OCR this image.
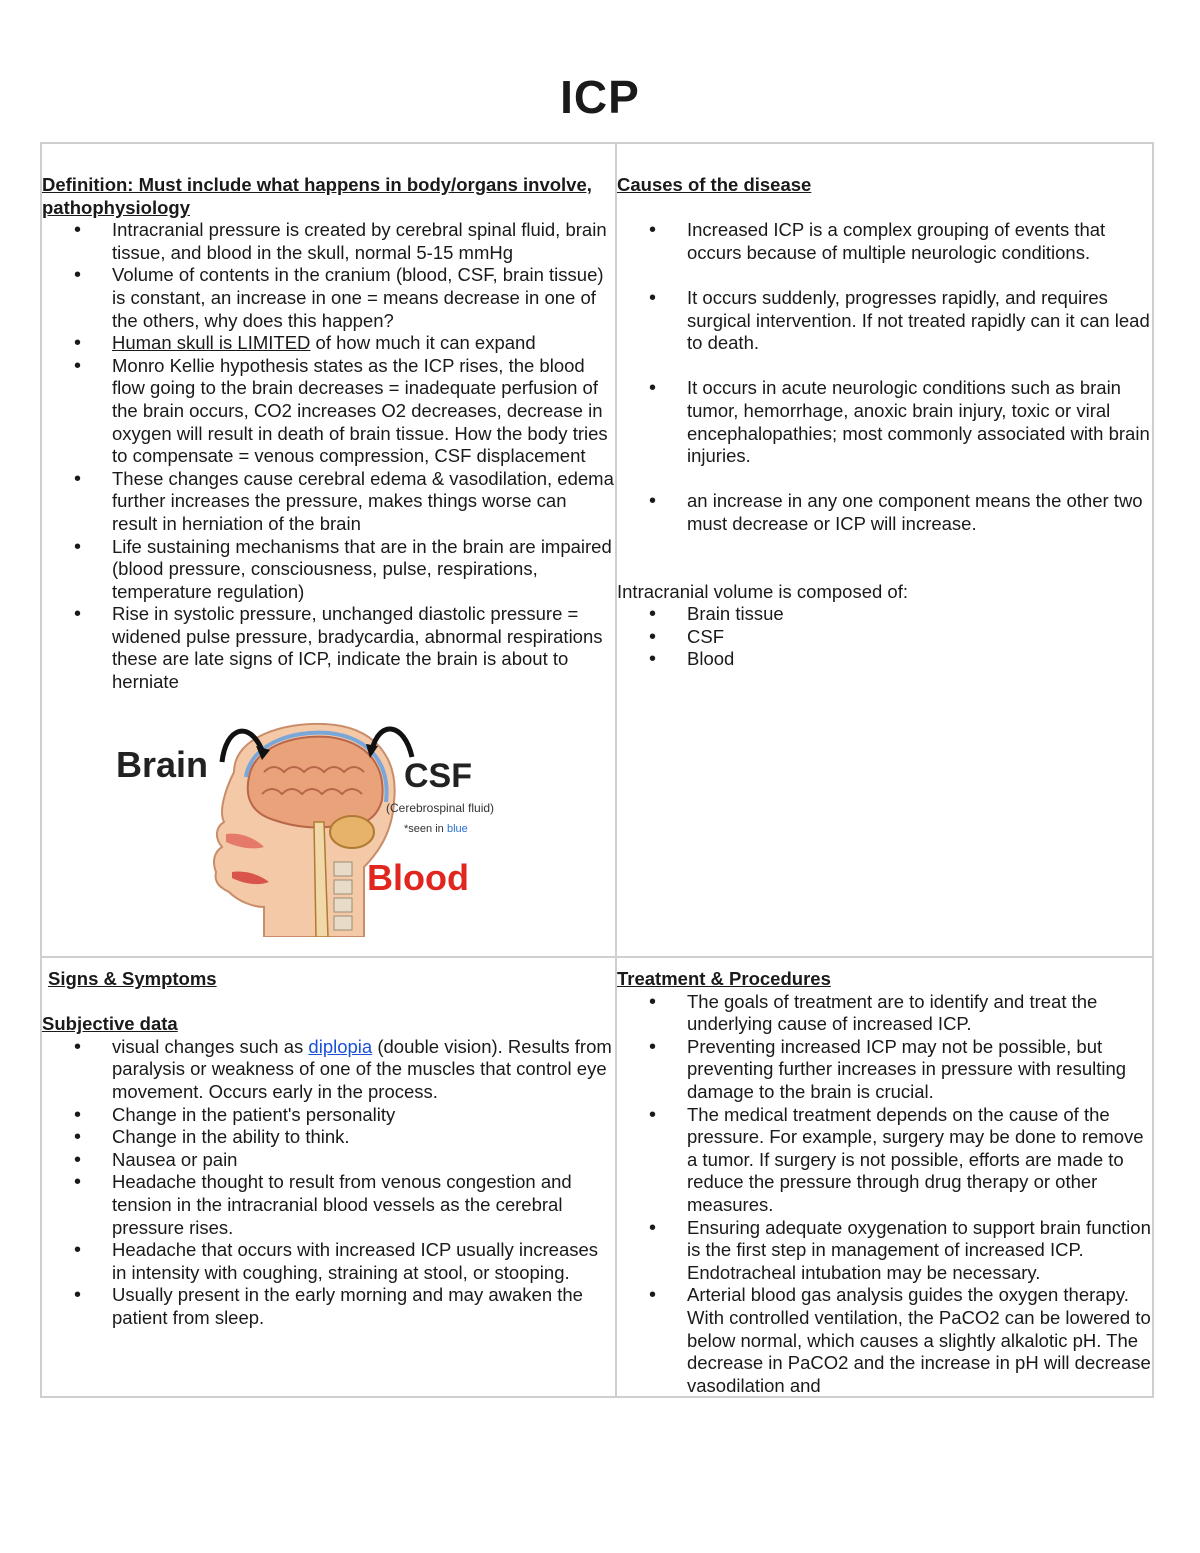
ICP
Definition: Must include what happens in body/organs involve, pathophysiology
• Intracranial pressure is created by cerebral spinal fluid, brain tissue, and blood in the skull, normal 5-15 mmHg
• Volume of contents in the cranium (blood, CSF, brain tissue) is constant, an increase in one = means decrease in one of the others, why does this happen?
• Human skull is LIMITED of how much it can expand
• Monro Kellie hypothesis states as the ICP rises, the blood flow going to the brain decreases = inadequate perfusion of the brain occurs, CO2 increases O2 decreases, decrease in oxygen will result in death of brain tissue. How the body tries to compensate = venous compression, CSF displacement
• These changes cause cerebral edema & vasodilation, edema further increases the pressure, makes things worse can result in herniation of the brain
• Life sustaining mechanisms that are in the brain are impaired (blood pressure, consciousness, pulse, respirations, temperature regulation)
• Rise in systolic pressure, unchanged diastolic pressure = widened pulse pressure, bradycardia, abnormal respirations these are late signs of ICP, indicate the brain is about to herniate
Brain	CSF
(Cerebrospinal fluid)
*seen in blue
Blood
Causes of the disease
• Increased ICP is a complex grouping of events that occurs because of multiple neurologic conditions.
• It occurs suddenly, progresses rapidly, and requires surgical intervention. If not treated rapidly can it can lead to death.
• It occurs in acute neurologic conditions such as brain tumor, hemorrhage, anoxic brain injury, toxic or viral encephalopathies; most commonly associated with brain injuries.
• an increase in any one component means the other two must decrease or ICP will increase.
Intracranial volume is composed of:
• Brain tissue
• CSF
• Blood
Signs & Symptoms
Subjective data
• visual changes such as diplopia (double vision). Results from paralysis or weakness of one of the muscles that control eye movement. Occurs early in the process.
• Change in the patient's personality
• Change in the ability to think.
• Nausea or pain
• Headache thought to result from venous congestion and tension in the intracranial blood vessels as the cerebral pressure rises.
• Headache that occurs with increased ICP usually increases in intensity with coughing, straining at stool, or stooping.
• Usually present in the early morning and may awaken the patient from sleep.
Treatment & Procedures
• The goals of treatment are to identify and treat the underlying cause of increased ICP.
• Preventing increased ICP may not be possible, but preventing further increases in pressure with resulting damage to the brain is crucial.
• The medical treatment depends on the cause of the pressure. For example, surgery may be done to remove a tumor. If surgery is not possible, efforts are made to reduce the pressure through drug therapy or other measures.
• Ensuring adequate oxygenation to support brain function is the first step in management of increased ICP. Endotracheal intubation may be necessary.
• Arterial blood gas analysis guides the oxygen therapy. With controlled ventilation, the PaCO2 can be lowered to below normal, which causes a slightly alkalotic pH. The decrease in PaCO2 and the increase in pH will decrease vasodilation and
